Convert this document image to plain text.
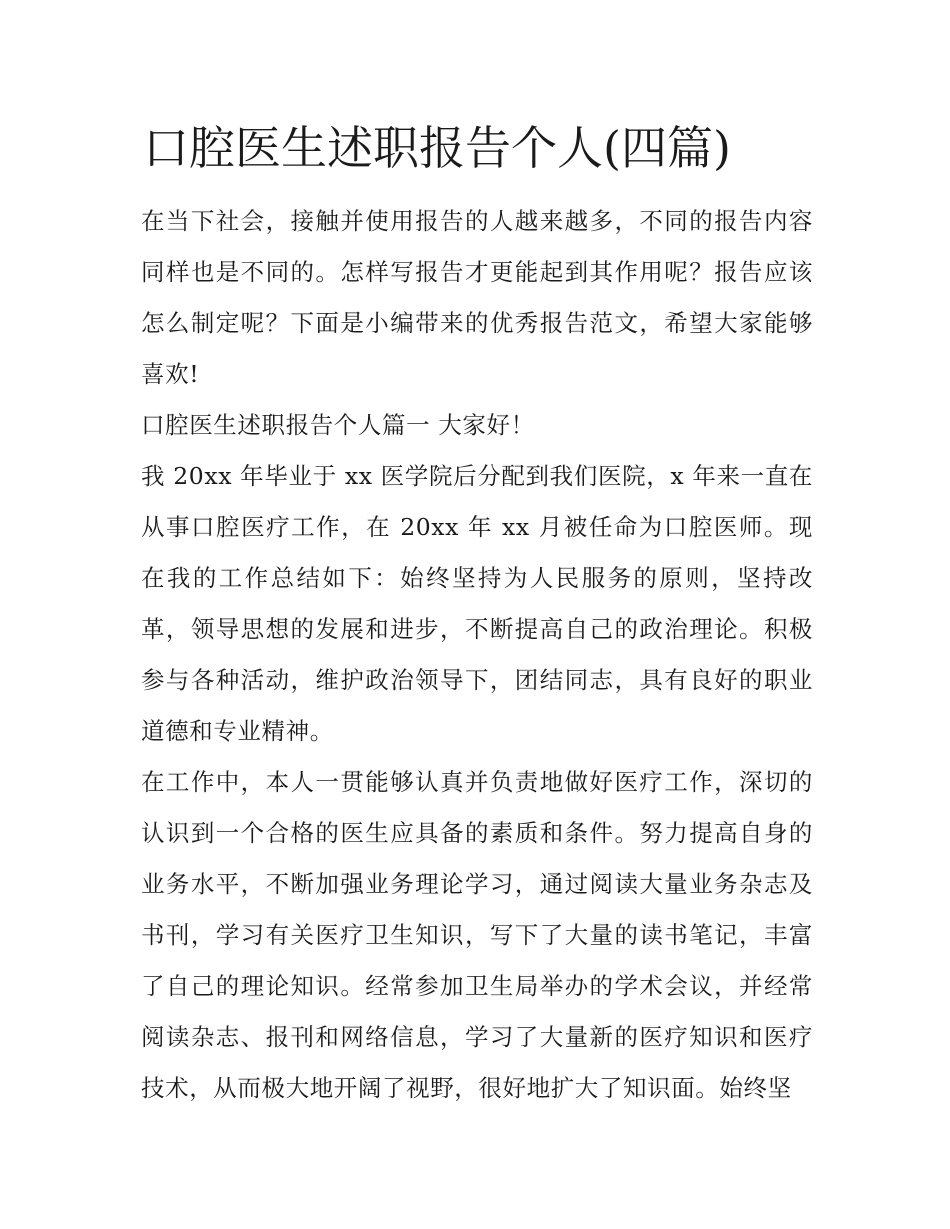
口腔医生述职报告个人(四篇)

在当下社会，接触并使用报告的人越来越多，不同的报告内容同样也是不同的。怎样写报告才更能起到其作用呢？报告应该怎么制定呢？下面是小编带来的优秀报告范文，希望大家能够喜欢!

口腔医生述职报告个人篇一 大家好！

我 20xx 年毕业于 xx 医学院后分配到我们医院，x 年来一直在从事口腔医疗工作，在 20xx 年 xx 月被任命为口腔医师。现在我的工作总结如下：始终坚持为人民服务的原则，坚持改革，领导思想的发展和进步，不断提高自己的政治理论。积极参与各种活动，维护政治领导下，团结同志，具有良好的职业道德和专业精神。

在工作中，本人一贯能够认真并负责地做好医疗工作，深切的认识到一个合格的医生应具备的素质和条件。努力提高自身的业务水平，不断加强业务理论学习，通过阅读大量业务杂志及书刊，学习有关医疗卫生知识，写下了大量的读书笔记，丰富了自己的理论知识。经常参加卫生局举办的学术会议，并经常阅读杂志、报刊和网络信息，学习了大量新的医疗知识和医疗技术，从而极大地开阔了视野，很好地扩大了知识面。始终坚
